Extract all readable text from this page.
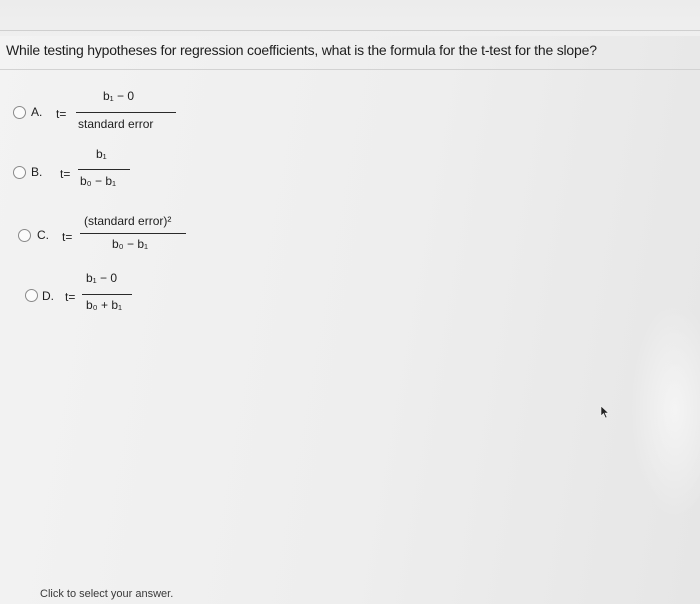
While testing hypotheses for regression coefficients, what is the formula for the t-test for the slope?
A. t=
b₁ − 0
standard error
B. t=
b₁
b₀ − b₁
C. t=
(standard error)²
b₀ − b₁
D. t=
b₁ − 0
b₀ + b₁
Click to select your answer.
